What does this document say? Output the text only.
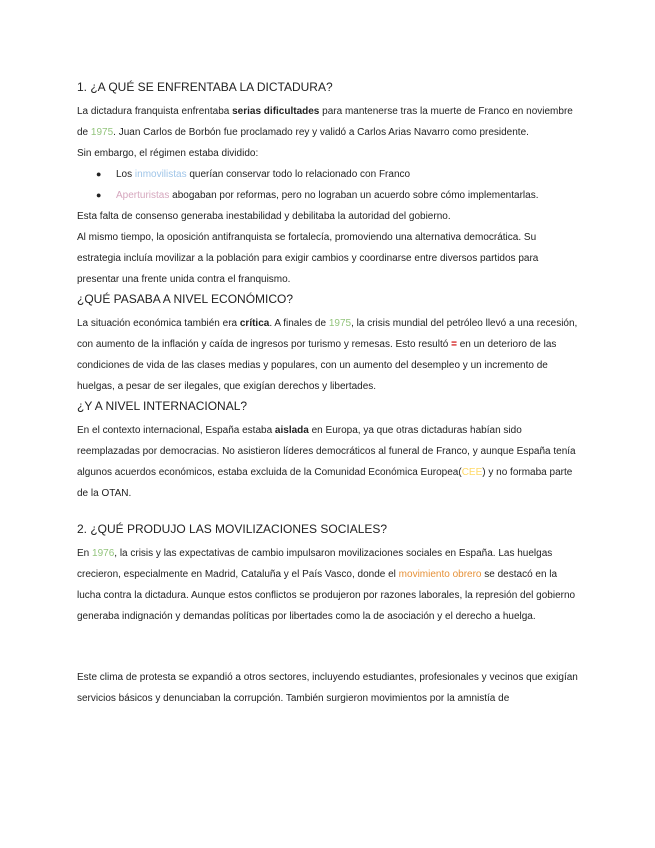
1. ¿A QUÉ SE ENFRENTABA LA DICTADURA?

La dictadura franquista enfrentaba serias dificultades para mantenerse tras la muerte de Franco en noviembre de 1975. Juan Carlos de Borbón fue proclamado rey y validó a Carlos Arias Navarro como presidente.

Sin embargo, el régimen estaba dividido:

● Los inmovilistas querían conservar todo lo relacionado con Franco
● Aperturistas abogaban por reformas, pero no lograban un acuerdo sobre cómo implementarlas.

Esta falta de consenso generaba inestabilidad y debilitaba la autoridad del gobierno.

Al mismo tiempo, la oposición antifranquista se fortalecía, promoviendo una alternativa democrática. Su estrategia incluía movilizar a la población para exigir cambios y coordinarse entre diversos partidos para presentar una frente unida contra el franquismo.

¿QUÉ PASABA A NIVEL ECONÓMICO?

La situación económica también era crítica. A finales de 1975, la crisis mundial del petróleo llevó a una recesión, con aumento de la inflación y caída de ingresos por turismo y remesas. Esto resultó = en un deterioro de las condiciones de vida de las clases medias y populares, con un aumento del desempleo y un incremento de huelgas, a pesar de ser ilegales, que exigían derechos y libertades.

¿Y A NIVEL INTERNACIONAL?

En el contexto internacional, España estaba aislada en Europa, ya que otras dictaduras habían sido reemplazadas por democracias. No asistieron líderes democráticos al funeral de Franco, y aunque España tenía algunos acuerdos económicos, estaba excluida de la Comunidad Económica Europea(CEE) y no formaba parte de la OTAN.

2. ¿QUÉ PRODUJO LAS MOVILIZACIONES SOCIALES?

En 1976, la crisis y las expectativas de cambio impulsaron movilizaciones sociales en España. Las huelgas crecieron, especialmente en Madrid, Cataluña y el País Vasco, donde el movimiento obrero se destacó en la lucha contra la dictadura. Aunque estos conflictos se produjeron por razones laborales, la represión del gobierno generaba indignación y demandas políticas por libertades como la de asociación y el derecho a huelga.

Este clima de protesta se expandió a otros sectores, incluyendo estudiantes, profesionales y vecinos que exigían servicios básicos y denunciaban la corrupción. También surgieron movimientos por la amnistía de
